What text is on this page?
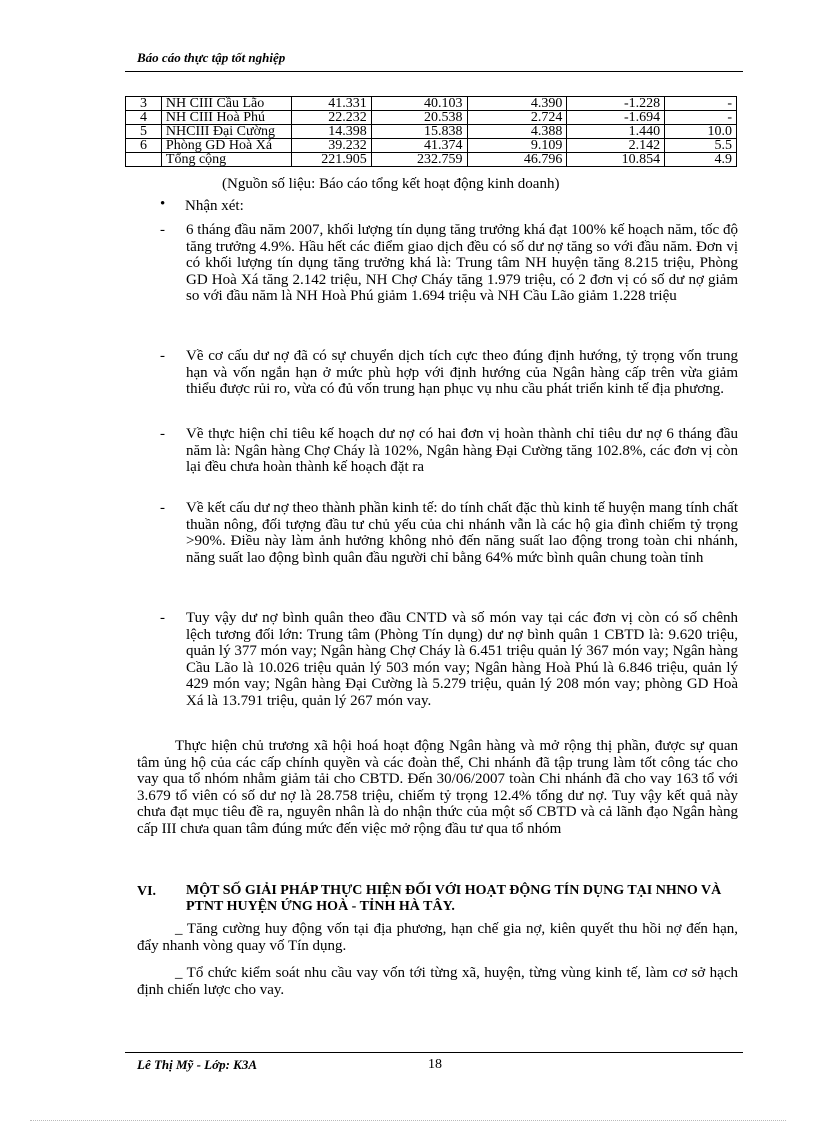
Báo cáo thực tập tốt nghiệp
3	NH CIII Cầu Lão	41.331	40.103	4.390	-1.228	-
4	NH CIII Hoà Phú	22.232	20.538	2.724	-1.694	-
5	NHCIII Đại Cường	14.398	15.838	4.388	1.440	10.0
6	Phòng GD Hoà Xá	39.232	41.374	9.109	2.142	5.5
	Tổng cộng	221.905	232.759	46.796	10.854	4.9
(Nguồn số liệu: Báo cáo tổng kết hoạt động kinh doanh)
• Nhận xét:
- 6 tháng đầu năm 2007, khối lượng tín dụng tăng trưởng khá đạt 100% kế hoạch năm, tốc độ tăng trưởng 4.9%. Hầu hết các điểm giao dịch đều có số dư nợ tăng so với đầu năm. Đơn vị có khối lượng tín dụng tăng trưởng khá là: Trung tâm NH huyện tăng 8.215 triệu, Phòng GD Hoà Xá tăng 2.142 triệu, NH Chợ Cháy tăng 1.979 triệu, có 2 đơn vị có số dư nợ giảm so với đầu năm là NH Hoà Phú giảm 1.694 triệu và NH Cầu Lão giảm 1.228 triệu
- Về cơ cấu dư nợ đã có sự chuyển dịch tích cực theo đúng định hướng, tỷ trọng vốn trung hạn và vốn ngắn hạn ở mức phù hợp với định hướng của Ngân hàng cấp trên vừa giảm thiểu được rủi ro, vừa có đủ vốn trung hạn phục vụ nhu cầu phát triển kinh tế địa phương.
- Về thực hiện chỉ tiêu kế hoạch dư nợ có hai đơn vị hoàn thành chỉ tiêu dư nợ 6 tháng đầu năm là: Ngân hàng Chợ Cháy là 102%, Ngân hàng Đại Cường tăng 102.8%, các đơn vị còn lại đều chưa hoàn thành kế hoạch đặt ra
- Về kết cấu dư nợ theo thành phần kinh tế: do tính chất đặc thù kinh tế huyện mang tính chất thuần nông, đối tượng đầu tư chủ yếu của chi nhánh vẫn là các hộ gia đình chiếm tỷ trọng >90%. Điều này làm ảnh hưởng không nhỏ đến năng suất lao động trong toàn chi nhánh, năng suất lao động bình quân đầu người chỉ bằng 64% mức bình quân chung toàn tỉnh
- Tuy vậy dư nợ bình quân theo đầu CNTD và số món vay tại các đơn vị còn có số chênh lệch tương đối lớn: Trung tâm (Phòng Tín dụng) dư nợ bình quân 1 CBTD là: 9.620 triệu, quản lý 377 món vay; Ngân hàng Chợ Cháy là 6.451 triệu quản lý 367 món vay; Ngân hàng Cầu Lão là 10.026 triệu quản lý 503 món vay; Ngân hàng Hoà Phú là 6.846 triệu, quản lý 429 món vay; Ngân hàng Đại Cường là 5.279 triệu, quản lý 208 món vay; phòng GD Hoà Xá là 13.791 triệu, quản lý 267 món vay.
Thực hiện chủ trương xã hội hoá hoạt động Ngân hàng và mở rộng thị phần, được sự quan tâm ủng hộ của các cấp chính quyền và các đoàn thể, Chi nhánh đã tập trung làm tốt công tác cho vay qua tổ nhóm nhằm giảm tải cho CBTD. Đến 30/06/2007 toàn Chi nhánh đã cho vay 163 tổ với 3.679 tổ viên có số dư nợ là 28.758 triệu, chiếm tỷ trọng 12.4% tổng dư nợ. Tuy vậy kết quả này chưa đạt mục tiêu đề ra, nguyên nhân là do nhận thức của một số CBTD và cả lãnh đạo Ngân hàng cấp III chưa quan tâm đúng mức đến việc mở rộng đầu tư qua tổ nhóm
VI. MỘT SỐ GIẢI PHÁP THỰC HIỆN ĐỐI VỚI HOẠT ĐỘNG TÍN DỤNG TẠI NHNO VÀ PTNT HUYỆN ỨNG HOÀ - TỈNH HÀ TÂY.
_ Tăng cường huy động vốn tại địa phương, hạn chế gia nợ, kiên quyết thu hồi nợ đến hạn, đẩy nhanh vòng quay vố Tín dụng.
_ Tổ chức kiểm soát nhu cầu vay vốn tới từng xã, huyện, từng vùng kinh tế, làm cơ sở hạch định chiến lược cho vay.
Lê Thị Mỹ - Lớp: K3A	18
